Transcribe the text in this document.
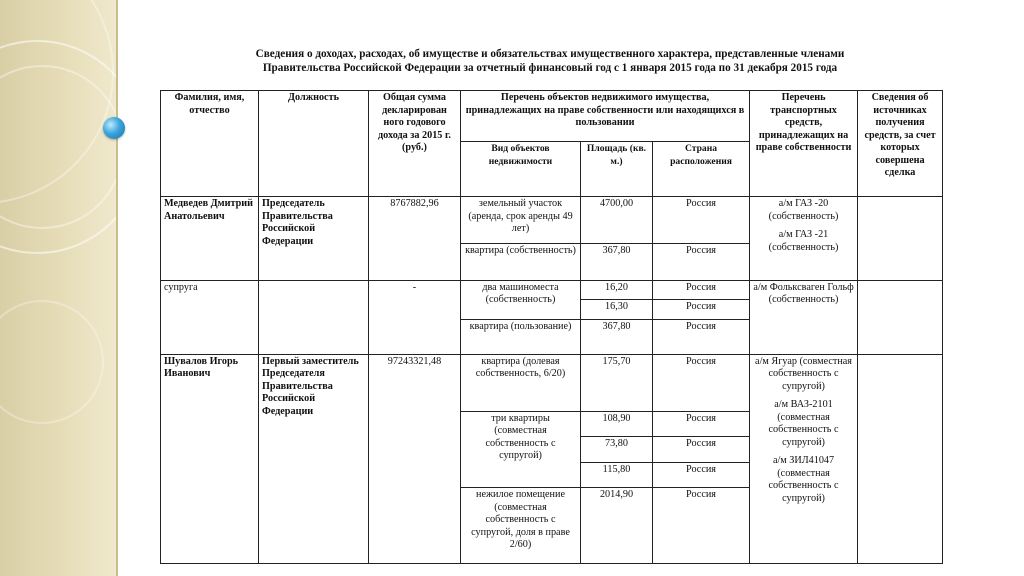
Сведения о доходах, расходах, об имуществе и обязательствах имущественного характера, представленные членами
Правительства Российской Федерации за отчетный финансовый год с 1 января 2015 года по 31 декабря 2015 года
Фамилия, имя, отчество	Должность	Общая сумма декларирован ного годового дохода за 2015 г. (руб.)	Перечень объектов недвижимого имущества, принадлежащих на праве собственности или находящихся в пользовании			Перечень транспортных средств, принадлежащих на праве собственности	Сведения об источниках получения средств, за счет которых совершена сделка
			Вид объектов недвижимости	Площадь (кв. м.)	Страна расположения		
Медведев Дмитрий Анатольевич	Председатель Правительства Российской Федерации	8767882,96	земельный участок (аренда, срок аренды 49 лет)	4700,00	Россия	а/м ГАЗ -20 (собственность)
а/м ГАЗ -21 (собственность)	

			квартира (собственность)	367,80	Россия		
супруга		-	два машиноместа (собственность)	16,20	Россия	а/м Фольксваген Гольф (собственность)	

				16,30	Россия		
			квартира (пользование)	367,80	Россия		
Шувалов Игорь Иванович	Первый заместитель Председателя Правительства Российской Федерации	97243321,48	квартира (долевая собственность, 6/20)	175,70	Россия	а/м Ягуар (совместная собственность с супругой)
а/м ВАЗ-2101 (совместная собственность с супругой)
а/м ЗИЛ41047 (совместная собственность с супругой)	

			три квартиры (совместная собственность с супругой)	108,90	Россия		
				73,80	Россия		
				115,80	Россия		
			нежилое помещение (совместная собственность с супругой, доля в праве 2/60)	2014,90	Россия		
